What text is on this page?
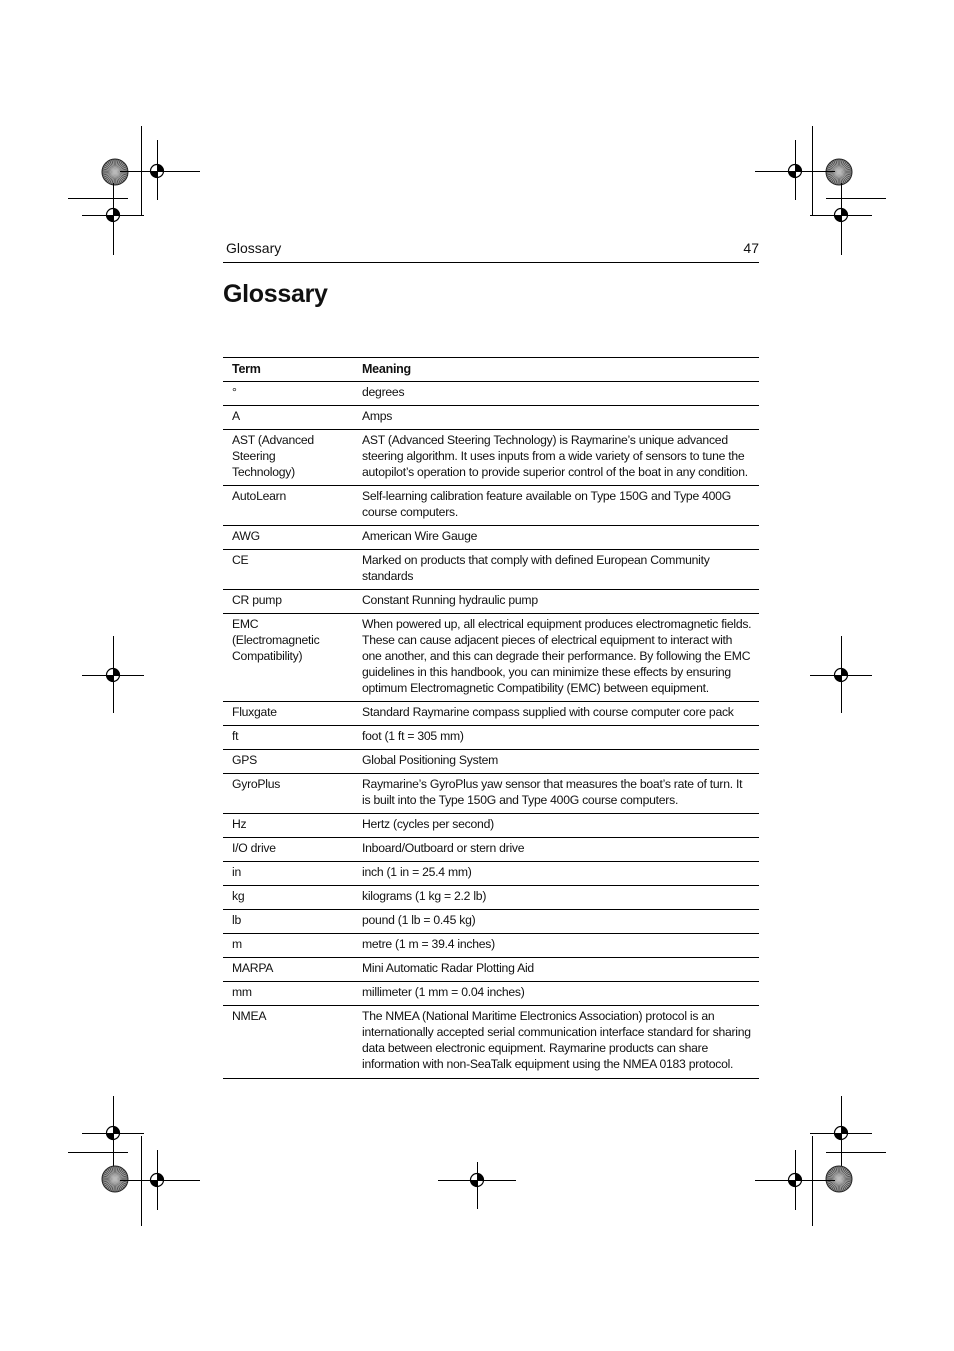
Glossary	47
Glossary
Term	Meaning
°	degrees
A	Amps
AST (Advanced Steering Technology)	AST (Advanced Steering Technology) is Raymarine’s unique advanced steering algorithm. It uses inputs from a wide variety of sensors to tune the autopilot’s operation to provide superior control of the boat in any condition.
AutoLearn	Self-learning calibration feature available on Type 150G and Type 400G course computers.
AWG	American Wire Gauge
CE	Marked on products that comply with defined European Community standards
CR pump	Constant Running hydraulic pump
EMC (Electromagnetic Compatibility)	When powered up, all electrical equipment produces electromagnetic fields. These can cause adjacent pieces of electrical equipment to interact with one another, and this can degrade their performance. By following the EMC guidelines in this handbook, you can minimize these effects by ensuring optimum Electromagnetic Compatibility (EMC) between equipment.
Fluxgate	Standard Raymarine compass supplied with course computer core pack
ft	foot (1 ft = 305 mm)
GPS	Global Positioning System
GyroPlus	Raymarine’s GyroPlus yaw sensor that measures the boat’s rate of turn. It is built into the Type 150G and Type 400G course computers.
Hz	Hertz (cycles per second)
I/O drive	Inboard/Outboard or stern drive
in	inch (1 in = 25.4 mm)
kg	kilograms (1 kg = 2.2 lb)
lb	pound (1 lb = 0.45 kg)
m	metre (1 m = 39.4 inches)
MARPA	Mini Automatic Radar Plotting Aid
mm	millimeter (1 mm = 0.04 inches)
NMEA	The NMEA (National Maritime Electronics Association) protocol is an internationally accepted serial communication interface standard for sharing data between electronic equipment. Raymarine products can share information with non-SeaTalk equipment using the NMEA 0183 protocol.
